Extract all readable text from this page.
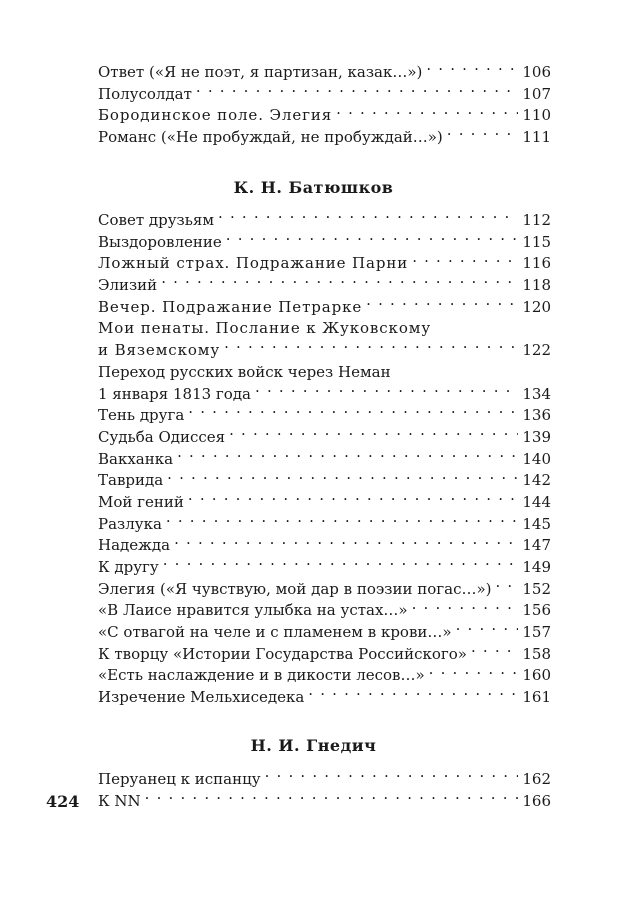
Ответ («Я не поэт, я партизан, казак…») . . .	106
Полусолдат . . .	107
Бородинское поле. Элегия . . .	110
Романс («Не пробуждай, не пробуждай…») . . .	111
К. Н. Батюшков
Совет друзьям . . .	112
Выздоровление . . .	115
Ложный страх. Подражание Парни . . .	116
Элизий . . .	118
Вечер. Подражание Петрарке . . .	120
Мои пенаты. Послание к Жуковскому
и Вяземскому . . .	122
Переход русских войск через Неман
1 января 1813 года . . .	134
Тень друга . . .	136
Судьба Одиссея . . .	139
Вакханка . . .	140
Таврида . . .	142
Мой гений . . .	144
Разлука . . .	145
Надежда . . .	147
К другу . . .	149
Элегия («Я чувствую, мой дар в поэзии погас…») . . . 152
«В Лаисе нравится улыбка на устах…» . . .	156
«С отвагой на челе и с пламенем в крови…» . . .	157
К творцу «Истории Государства Российского» . . .	158
«Есть наслаждение и в дикости лесов…» . . .	160
Изречение Мельхиседека . . .	161
Н. И. Гнедич
Перуанец к испанцу . . .	162
К NN . . .	166
424
